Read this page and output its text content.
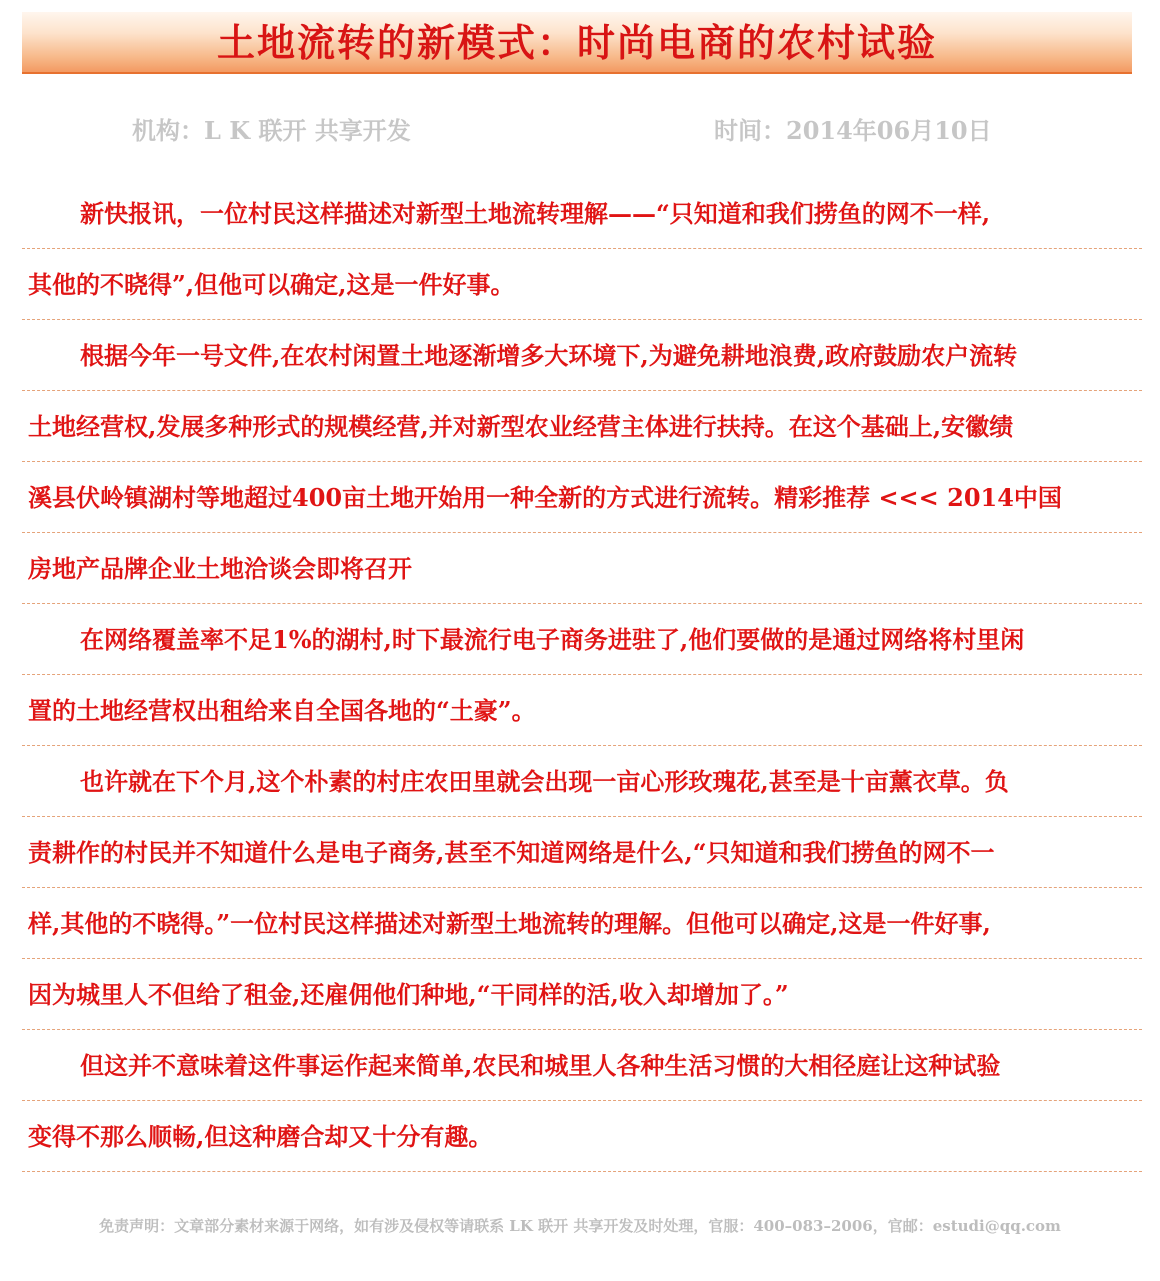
土地流转的新模式：时尚电商的农村试验
机构：L K 联开 共享开发	时间：2014年06月10日
新快报讯，一位村民这样描述对新型土地流转理解——“只知道和我们捞鱼的网不一样,
其他的不晓得”,但他可以确定,这是一件好事。
根据今年一号文件,在农村闲置土地逐渐增多大环境下,为避免耕地浪费,政府鼓励农户流转
土地经营权,发展多种形式的规模经营,并对新型农业经营主体进行扶持。在这个基础上,安徽绩
溪县伏岭镇湖村等地超过400亩土地开始用一种全新的方式进行流转。精彩推荐 <<< 2014中国
房地产品牌企业土地洽谈会即将召开
在网络覆盖率不足1%的湖村,时下最流行电子商务进驻了,他们要做的是通过网络将村里闲
置的土地经营权出租给来自全国各地的“土豪”。
也许就在下个月,这个朴素的村庄农田里就会出现一亩心形玫瑰花,甚至是十亩薰衣草。负
责耕作的村民并不知道什么是电子商务,甚至不知道网络是什么,“只知道和我们捞鱼的网不一
样,其他的不晓得。”一位村民这样描述对新型土地流转的理解。但他可以确定,这是一件好事,
因为城里人不但给了租金,还雇佣他们种地,“干同样的活,收入却增加了。”
但这并不意味着这件事运作起来简单,农民和城里人各种生活习惯的大相径庭让这种试验
变得不那么顺畅,但这种磨合却又十分有趣。
免责声明：文章部分素材来源于网络，如有涉及侵权等请联系 LK 联开 共享开发及时处理，官服：400–083–2006，官邮：estudi@qq.com
